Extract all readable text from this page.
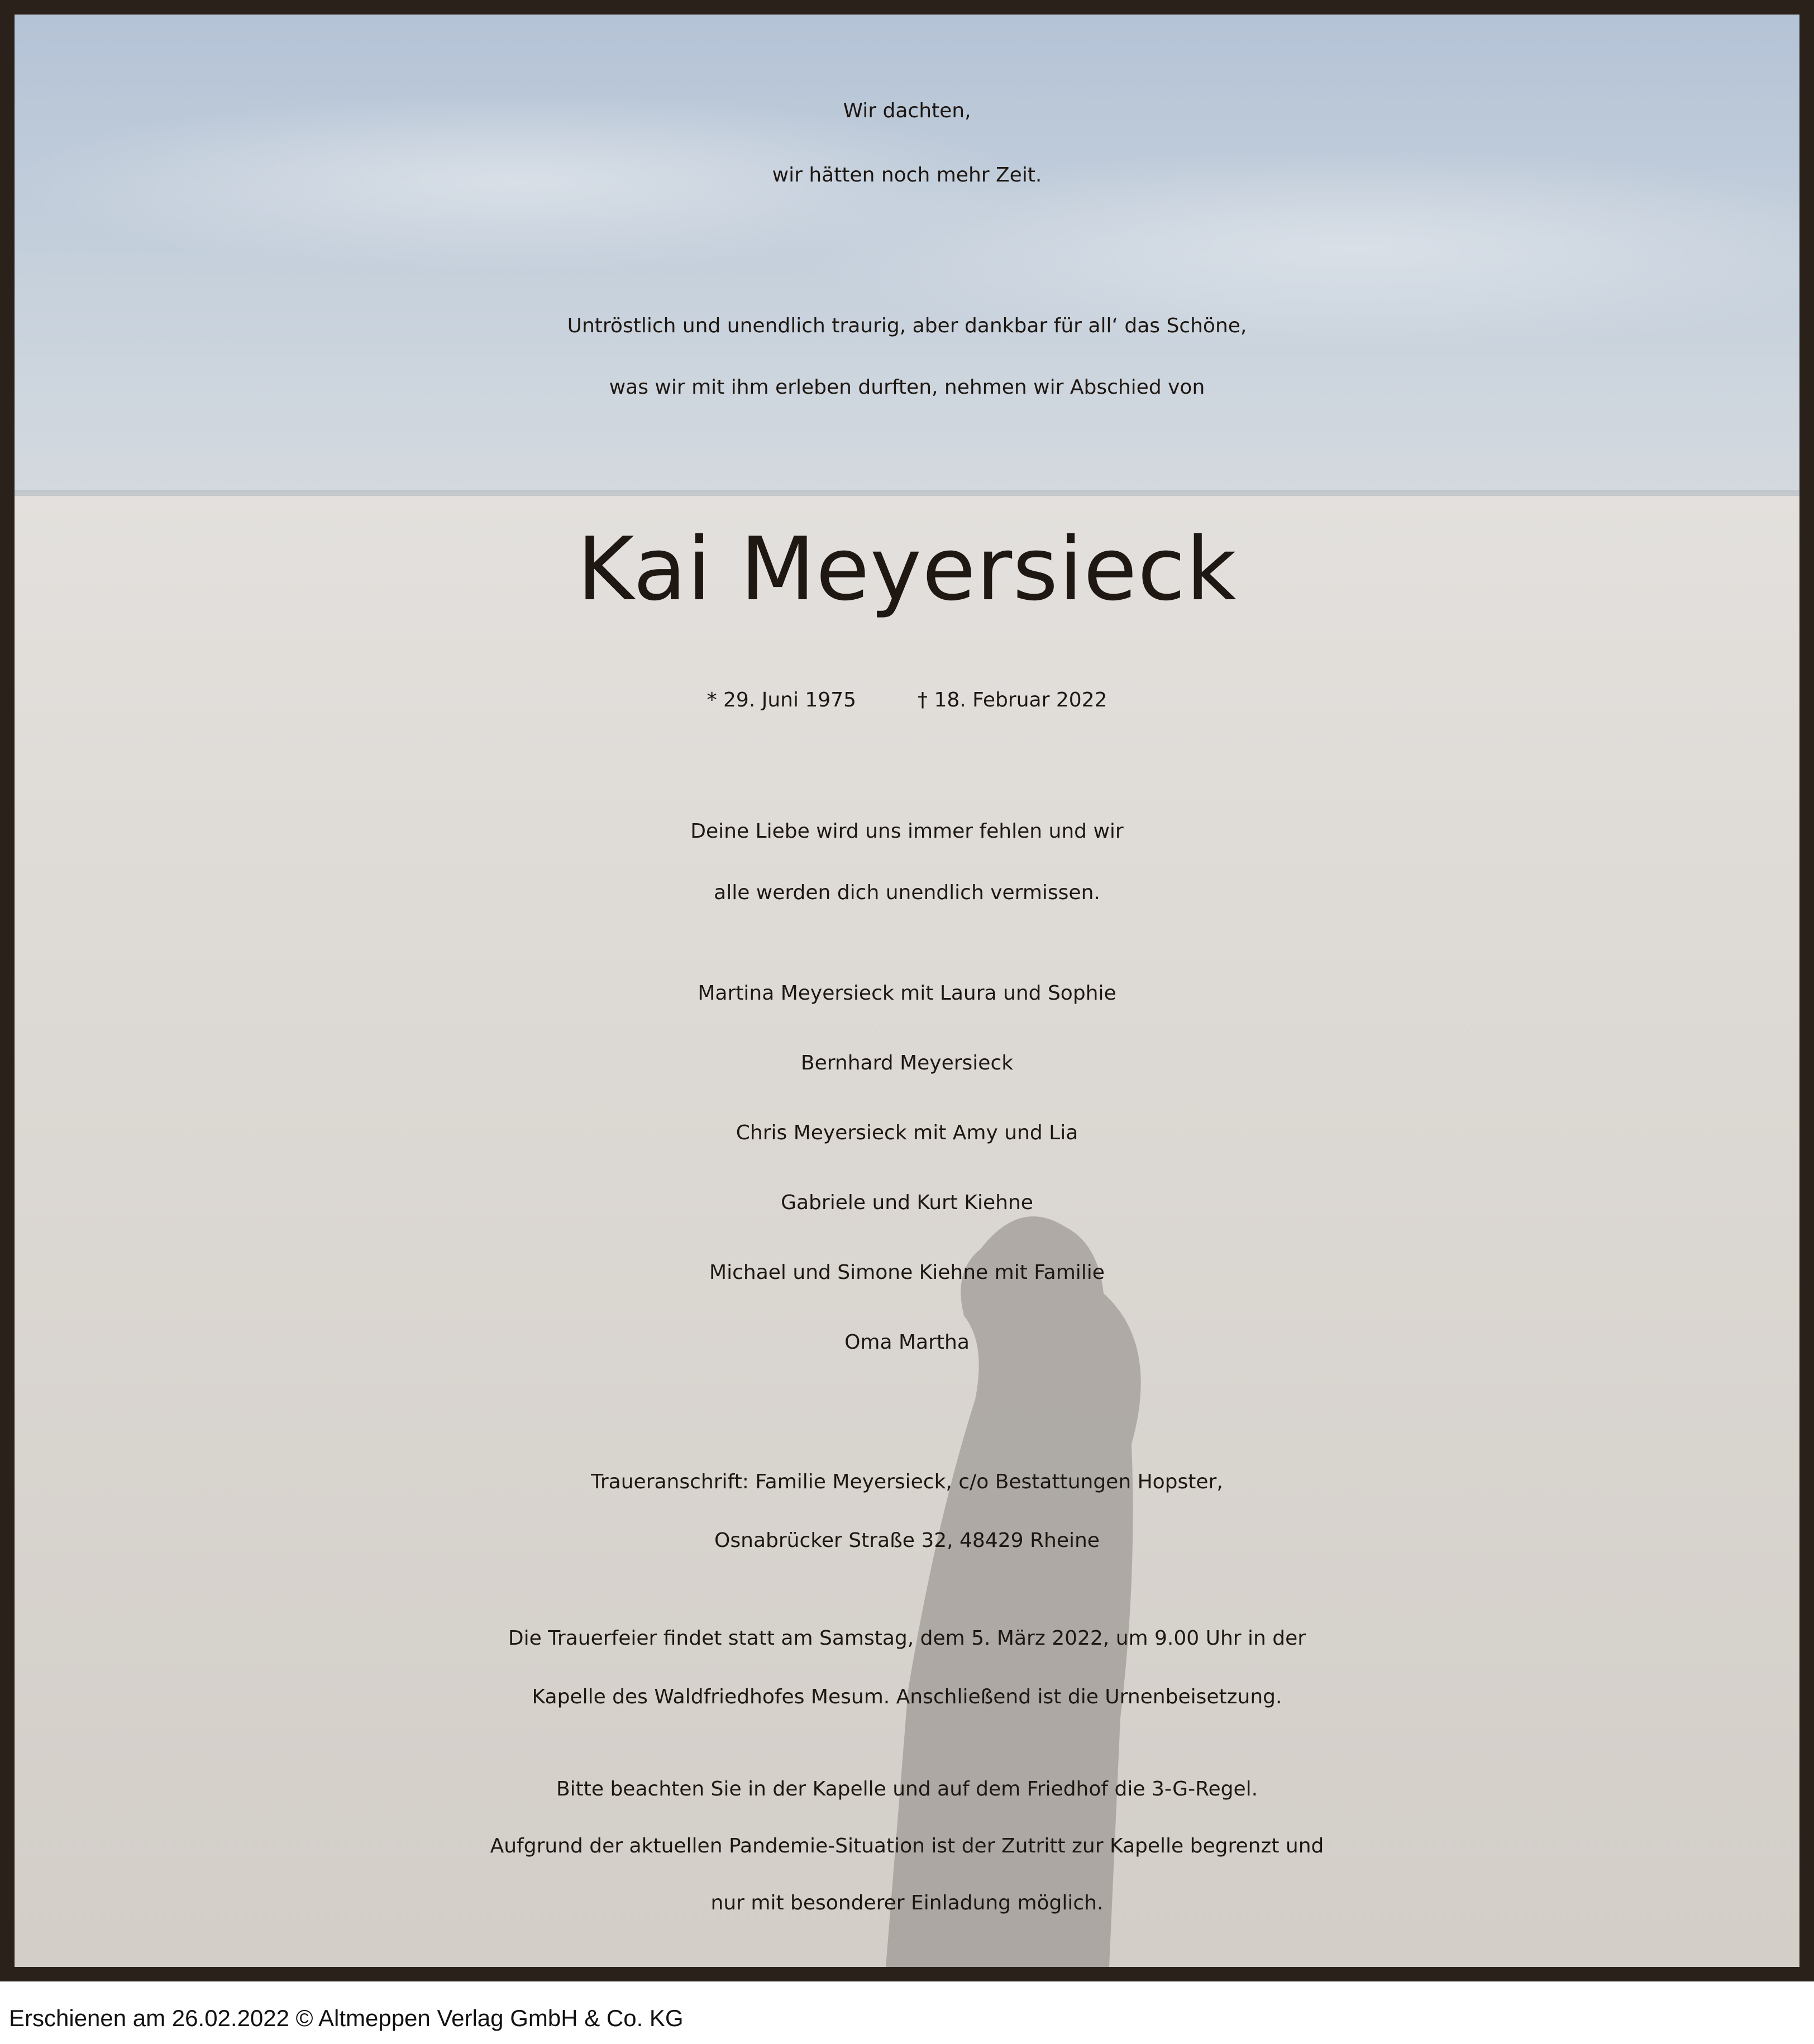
Wir dachten,
wir hätten noch mehr Zeit.
Untröstlich und unendlich traurig, aber dankbar für all‘ das Schöne,
was wir mit ihm erleben durften, nehmen wir Abschied von
Kai Meyersieck
* 29. Juni 1975	† 18. Februar 2022
Deine Liebe wird uns immer fehlen und wir
alle werden dich unendlich vermissen.
Martina Meyersieck mit Laura und Sophie
Bernhard Meyersieck
Chris Meyersieck mit Amy und Lia
Gabriele und Kurt Kiehne
Michael und Simone Kiehne mit Familie
Oma Martha
Traueranschrift: Familie Meyersieck, c/o Bestattungen Hopster,
Osnabrücker Straße 32, 48429 Rheine
Die Trauerfeier findet statt am Samstag, dem 5. März 2022, um 9.00 Uhr in der
Kapelle des Waldfriedhofes Mesum. Anschließend ist die Urnenbeisetzung.
Bitte beachten Sie in der Kapelle und auf dem Friedhof die 3-G-Regel.
Aufgrund der aktuellen Pandemie-Situation ist der Zutritt zur Kapelle begrenzt und
nur mit besonderer Einladung möglich.
Erschienen am 26.02.2022 © Altmeppen Verlag GmbH & Co. KG
